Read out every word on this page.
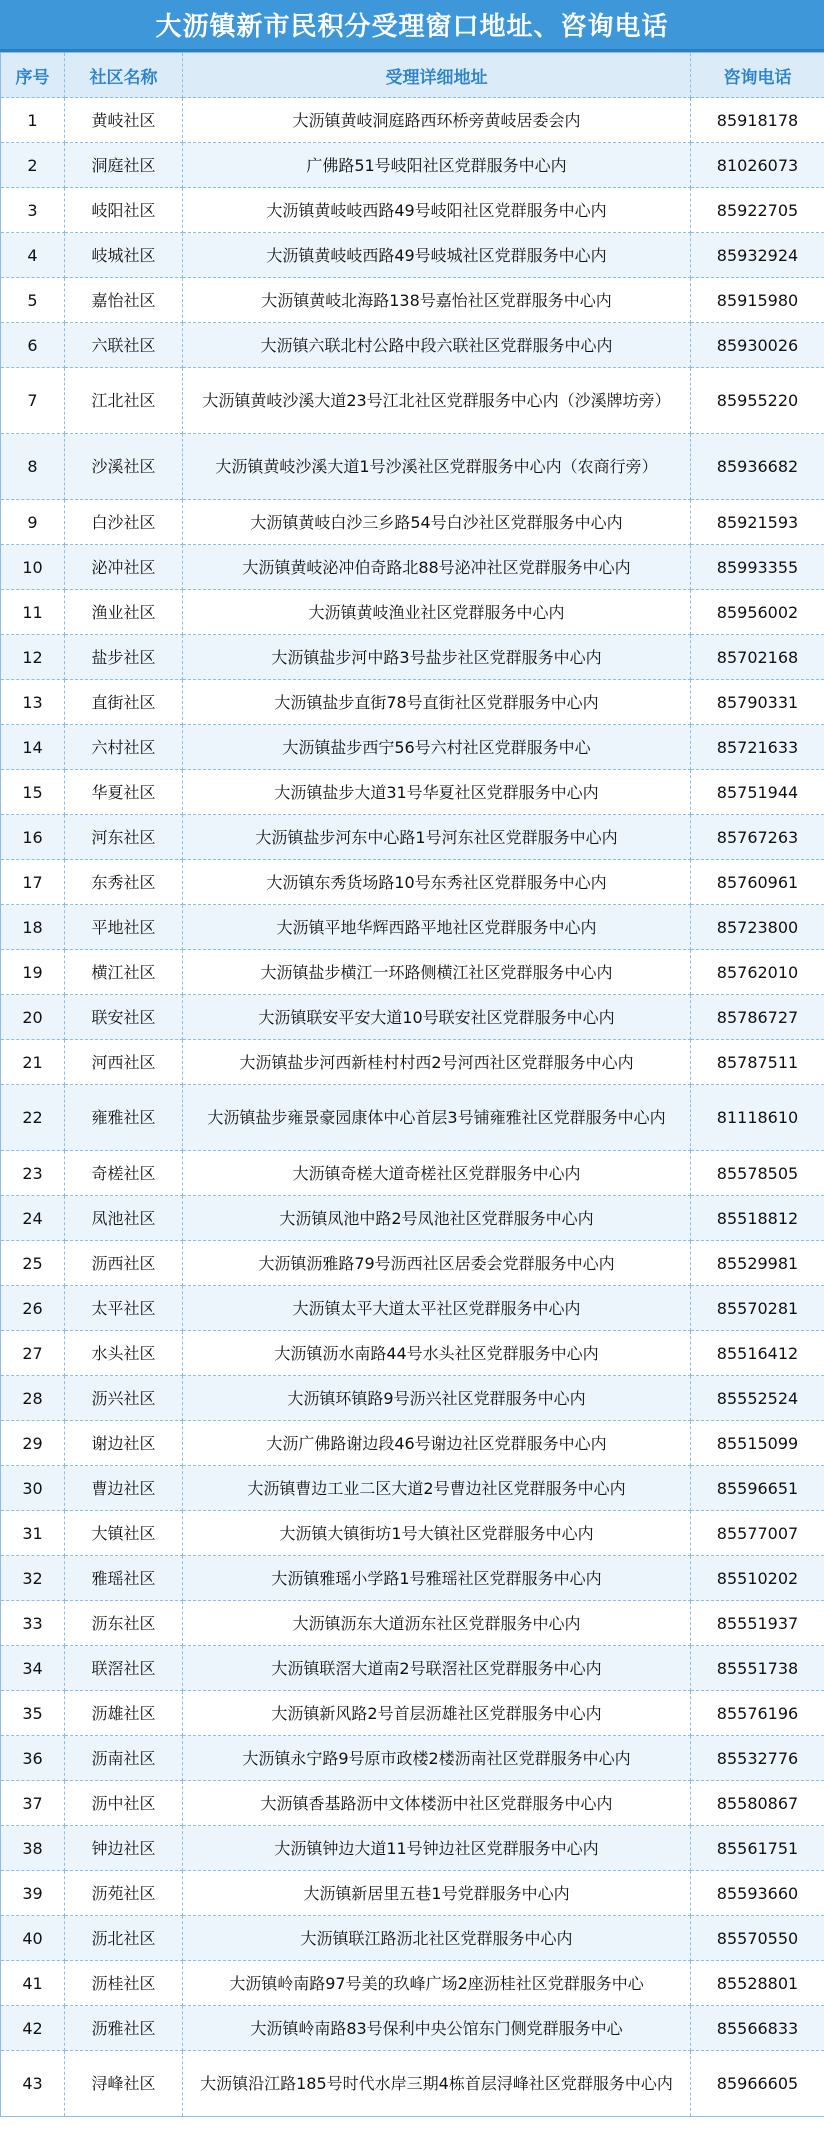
大沥镇新市民积分受理窗口地址、咨询电话
序号	社区名称	受理详细地址	咨询电话
1	黄岐社区	大沥镇黄岐洞庭路西环桥旁黄岐居委会内	85918178
2	洞庭社区	广佛路51号岐阳社区党群服务中心内	81026073
3	岐阳社区	大沥镇黄岐岐西路49号岐阳社区党群服务中心内	85922705
4	岐城社区	大沥镇黄岐岐西路49号岐城社区党群服务中心内	85932924
5	嘉怡社区	大沥镇黄岐北海路138号嘉怡社区党群服务中心内	85915980
6	六联社区	大沥镇六联北村公路中段六联社区党群服务中心内	85930026
7	江北社区	大沥镇黄岐沙溪大道23号江北社区党群服务中心内（沙溪牌坊旁）	85955220
8	沙溪社区	大沥镇黄岐沙溪大道1号沙溪社区党群服务中心内（农商行旁）	85936682
9	白沙社区	大沥镇黄岐白沙三乡路54号白沙社区党群服务中心内	85921593
10	泌冲社区	大沥镇黄岐泌冲伯奇路北88号泌冲社区党群服务中心内	85993355
11	渔业社区	大沥镇黄岐渔业社区党群服务中心内	85956002
12	盐步社区	大沥镇盐步河中路3号盐步社区党群服务中心内	85702168
13	直街社区	大沥镇盐步直街78号直街社区党群服务中心内	85790331
14	六村社区	大沥镇盐步西宁56号六村社区党群服务中心	85721633
15	华夏社区	大沥镇盐步大道31号华夏社区党群服务中心内	85751944
16	河东社区	大沥镇盐步河东中心路1号河东社区党群服务中心内	85767263
17	东秀社区	大沥镇东秀货场路10号东秀社区党群服务中心内	85760961
18	平地社区	大沥镇平地华辉西路平地社区党群服务中心内	85723800
19	横江社区	大沥镇盐步横江一环路侧横江社区党群服务中心内	85762010
20	联安社区	大沥镇联安平安大道10号联安社区党群服务中心内	85786727
21	河西社区	大沥镇盐步河西新桂村村西2号河西社区党群服务中心内	85787511
22	雍雅社区	大沥镇盐步雍景豪园康体中心首层3号铺雍雅社区党群服务中心内	81118610
23	奇槎社区	大沥镇奇槎大道奇槎社区党群服务中心内	85578505
24	凤池社区	大沥镇凤池中路2号凤池社区党群服务中心内	85518812
25	沥西社区	大沥镇沥雅路79号沥西社区居委会党群服务中心内	85529981
26	太平社区	大沥镇太平大道太平社区党群服务中心内	85570281
27	水头社区	大沥镇沥水南路44号水头社区党群服务中心内	85516412
28	沥兴社区	大沥镇环镇路9号沥兴社区党群服务中心内	85552524
29	谢边社区	大沥广佛路谢边段46号谢边社区党群服务中心内	85515099
30	曹边社区	大沥镇曹边工业二区大道2号曹边社区党群服务中心内	85596651
31	大镇社区	大沥镇大镇街坊1号大镇社区党群服务中心内	85577007
32	雅瑶社区	大沥镇雅瑶小学路1号雅瑶社区党群服务中心内	85510202
33	沥东社区	大沥镇沥东大道沥东社区党群服务中心内	85551937
34	联滘社区	大沥镇联滘大道南2号联滘社区党群服务中心内	85551738
35	沥雄社区	大沥镇新风路2号首层沥雄社区党群服务中心内	85576196
36	沥南社区	大沥镇永宁路9号原市政楼2楼沥南社区党群服务中心内	85532776
37	沥中社区	大沥镇香基路沥中文体楼沥中社区党群服务中心内	85580867
38	钟边社区	大沥镇钟边大道11号钟边社区党群服务中心内	85561751
39	沥苑社区	大沥镇新居里五巷1号党群服务中心内	85593660
40	沥北社区	大沥镇联江路沥北社区党群服务中心内	85570550
41	沥桂社区	大沥镇岭南路97号美的玖峰广场2座沥桂社区党群服务中心	85528801
42	沥雅社区	大沥镇岭南路83号保利中央公馆东门侧党群服务中心	85566833
43	浔峰社区	大沥镇沿江路185号时代水岸三期4栋首层浔峰社区党群服务中心内	85966605
